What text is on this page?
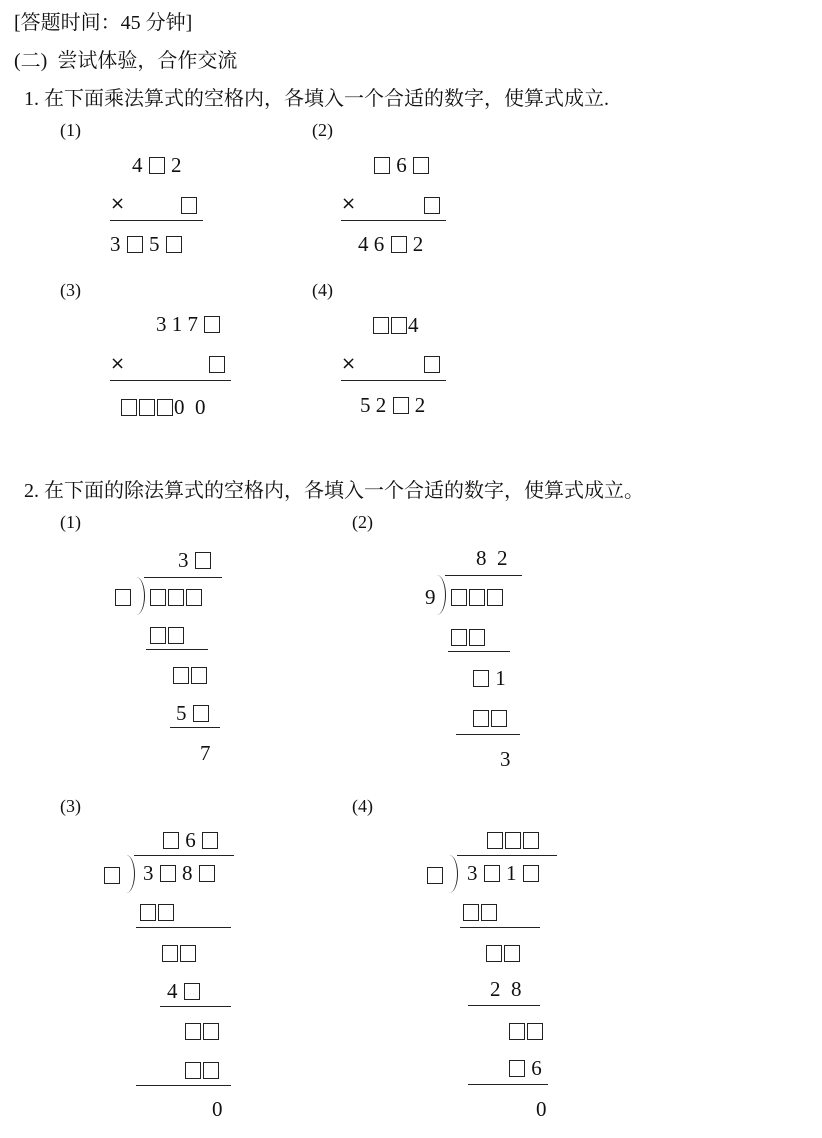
[答题时间：45 分钟]
(二)  尝试体验，合作交流
1. 在下面乘法算式的空格内，各填入一个合适的数字，使算式成立.
(1)
4 2
×
3 5
(2)
6
×
4 6 2
(3)
3 1 7
×
0  0
(4)
4
×
5 2 2
2. 在下面的除法算式的空格内，各填入一个合适的数字，使算式成立。
(1)
3
5
7
(2)
8  2
9
1
3
(3)
6
3 8
4
0
(4)
3 1
2  8
6
0
